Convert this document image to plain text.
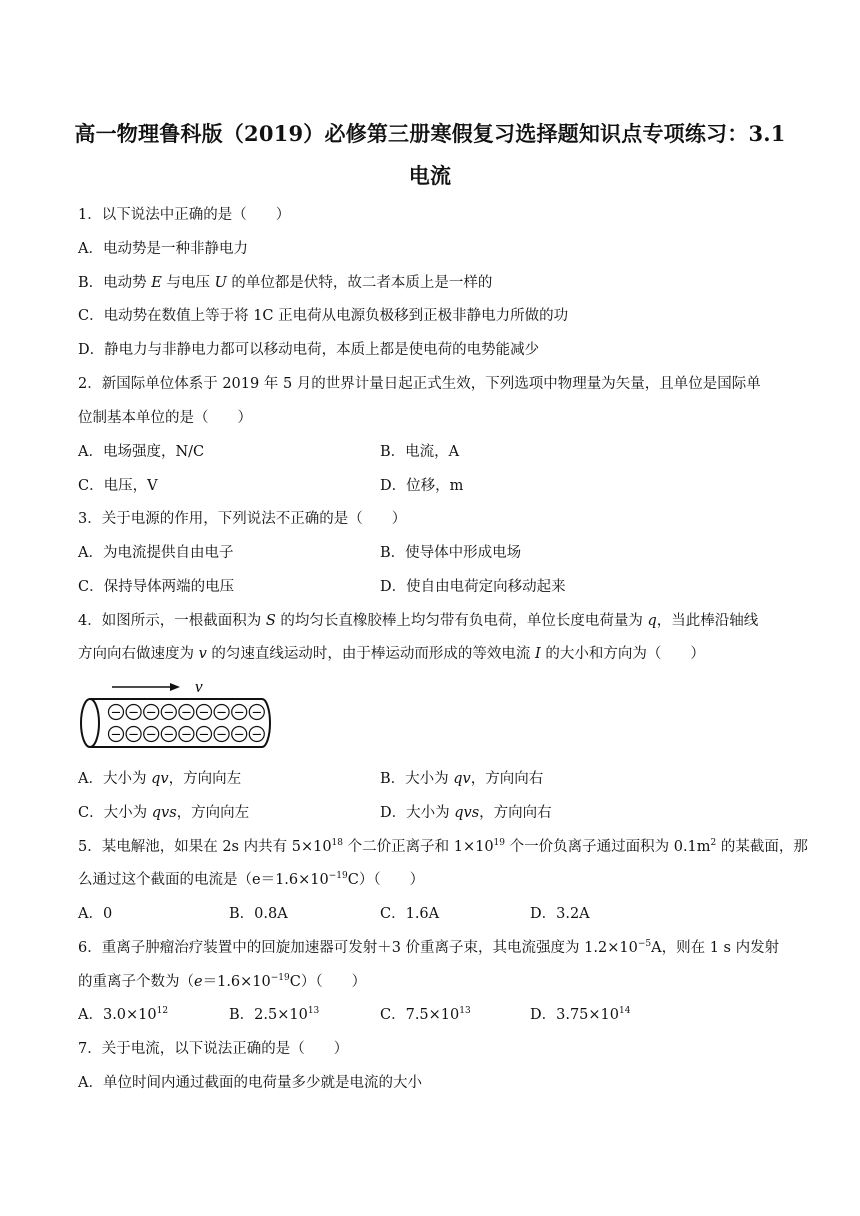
高一物理鲁科版（2019）必修第三册寒假复习选择题知识点专项练习：3.1
电流
1．以下说法中正确的是（　　）
A．电动势是一种非静电力
B．电动势 E 与电压 U 的单位都是伏特，故二者本质上是一样的
C．电动势在数值上等于将 1C 正电荷从电源负极移到正极非静电力所做的功
D．静电力与非静电力都可以移动电荷，本质上都是使电荷的电势能减少
2．新国际单位体系于 2019 年 5 月的世界计量日起正式生效，下列选项中物理量为矢量，且单位是国际单
位制基本单位的是（　　）
A．电场强度，N/C	B．电流，A
C．电压，V	D．位移，m
3．关于电源的作用，下列说法不正确的是（　　）
A．为电流提供自由电子	B．使导体中形成电场
C．保持导体两端的电压	D．使自由电荷定向移动起来
4．如图所示，一根截面积为 S 的均匀长直橡胶棒上均匀带有负电荷，单位长度电荷量为 q，当此棒沿轴线
方向向右做速度为 v 的匀速直线运动时，由于棒运动而形成的等效电流 I 的大小和方向为（　　）
v
− − − − − − − − −
− − − − − − − − −
A．大小为 qv，方向向左	B．大小为 qv，方向向右
C．大小为 qvs，方向向左	D．大小为 qvs，方向向右
5．某电解池，如果在 2s 内共有 $5\times 10^{18}$ 个二价正离子和 $1\times 10^{19}$ 个一价负离子通过面积为 $0.1m^2$ 的某截面，那
么通过这个截面的电流是$(e=1.6\times 10^{-19}C)$（　　）
A．0	B．0.8A	C．1.6A	D．3.2A
6．重离子肿瘤治疗装置中的回旋加速器可发射＋3 价重离子束，其电流强度为 $1.2\times 10^{-5}A$，则在 1 s 内发射
的重离子个数为$(e=1.6\times 10^{-19}C)$（　　）
A．$3.0\times 10^{12}$	B．$2.5\times 10^{13}$	C．$7.5\times 10^{13}$	D．$3.75\times 10^{14}$
7．关于电流，以下说法正确的是（　　）
A．单位时间内通过截面的电荷量多少就是电流的大小
